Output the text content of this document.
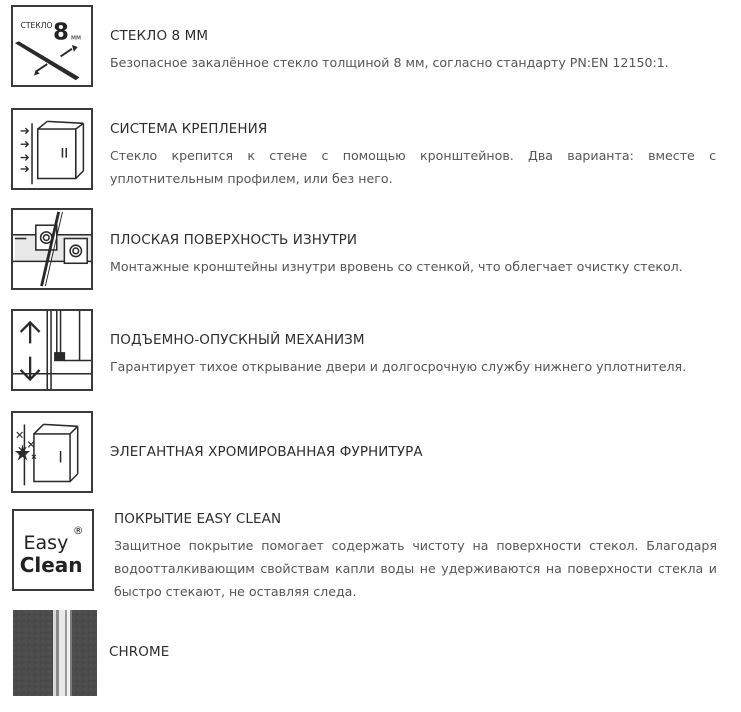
СТЕКЛО 8 мм СТЕКЛО 8 ММ

Безопасное закалённое стекло толщиной 8 мм, согласно стандарту PN:EN 12150:1.

СИСТЕМА КРЕПЛЕНИЯ

Стекло крепится к стене с помощью кронштейнов. Два варианта: вместе с уплотнительным профилем, или без него.

ПЛОСКАЯ ПОВЕРХНОСТЬ ИЗНУТРИ

Монтажные кронштейны изнутри вровень со стенкой, что облегчает очистку стекол.

ПОДЪЕМНО-ОПУСКНЫЙ МЕХАНИЗМ

Гарантирует тихое открывание двери и долгосрочную службу нижнего уплотнителя.

ЭЛЕГАНТНАЯ ХРОМИРОВАННАЯ ФУРНИТУРА

Easy
®
Clean

ПОКРЫТИЕ EASY CLEAN

Защитное покрытие помогает содержать чистоту на поверхности стекол. Благодаря водоотталкивающим свойствам капли воды не удерживаются на поверхности стекла и быстро стекают, не оставляя следа.

CHROME
